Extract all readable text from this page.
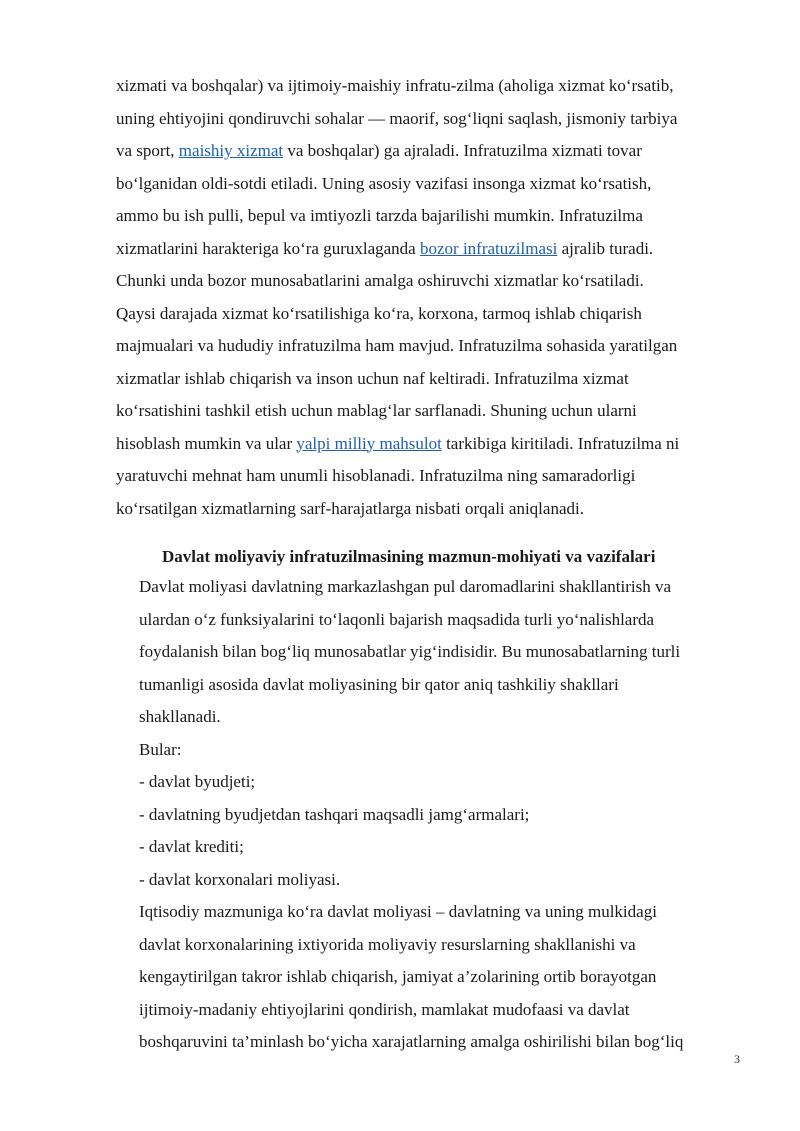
xizmati va boshqalar) va ijtimoiy-maishiy infratu-zilma (aholiga xizmat ko‘rsatib,
uning ehtiyojini qondiruvchi sohalar — maorif, sog‘liqni saqlash, jismoniy tarbiya
va sport, maishiy xizmat va boshqalar) ga ajraladi. Infratuzilma xizmati tovar
bo‘lganidan oldi-sotdi etiladi. Uning asosiy vazifasi insonga xizmat ko‘rsatish,
ammo bu ish pulli, bepul va imtiyozli tarzda bajarilishi mumkin. Infratuzilma
xizmatlarini harakteriga ko‘ra guruxlaganda bozor infratuzilmasi ajralib turadi.
Chunki unda bozor munosabatlarini amalga oshiruvchi xizmatlar ko‘rsatiladi.
Qaysi darajada xizmat ko‘rsatilishiga ko‘ra, korxona, tarmoq ishlab chiqarish
majmualari va hududiy infratuzilma ham mavjud. Infratuzilma sohasida yaratilgan
xizmatlar ishlab chiqarish va inson uchun naf keltiradi. Infratuzilma xizmat
ko‘rsatishini tashkil etish uchun mablag‘lar sarflanadi. Shuning uchun ularni
hisoblash mumkin va ular yalpi milliy mahsulot tarkibiga kiritiladi. Infratuzilma ni
yaratuvchi mehnat ham unumli hisoblanadi. Infratuzilma ning samaradorligi
ko‘rsatilgan xizmatlarning sarf-harajatlarga nisbati orqali aniqlanadi.
Davlat moliyaviy infratuzilmasining mazmun-mohiyati va vazifalari
Davlat moliyasi davlatning markazlashgan pul daromadlarini shakllantirish va
ulardan o‘z funksiyalarini to‘laqonli bajarish maqsadida turli yo‘nalishlarda
foydalanish bilan bog‘liq munosabatlar yig‘indisidir. Bu munosabatlarning turli
tumanligi asosida davlat moliyasining bir qator aniq tashkiliy shakllari
shakllanadi.
Bular:
- davlat byudjeti;
- davlatning byudjetdan tashqari maqsadli jamg‘armalari;
- davlat krediti;
- davlat korxonalari moliyasi.
Iqtisodiy mazmuniga ko‘ra davlat moliyasi – davlatning va uning mulkidagi
davlat korxonalarining ixtiyorida moliyaviy resurslarning shakllanishi va
kengaytirilgan takror ishlab chiqarish, jamiyat a’zolarining ortib borayotgan
ijtimoiy-madaniy ehtiyojlarini qondirish, mamlakat mudofaasi va davlat
boshqaruvini ta’minlash bo‘yicha xarajatlarning amalga oshirilishi bilan bog‘liq
3
